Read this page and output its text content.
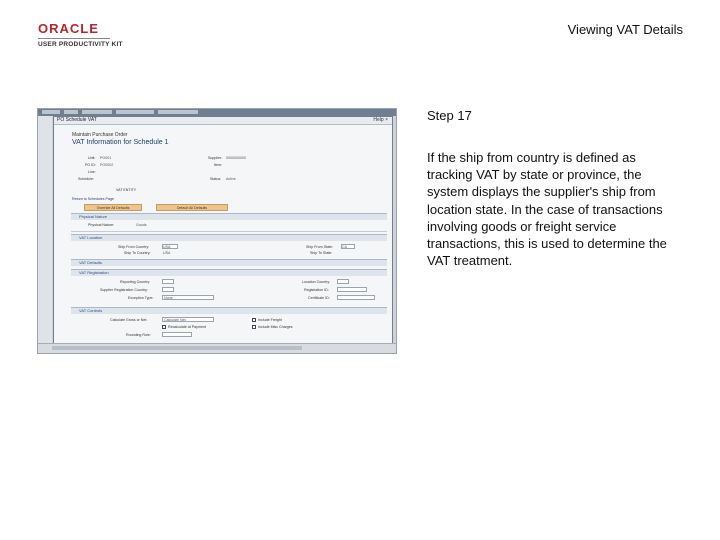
ORACLE
USER PRODUCTIVITY KIT
Viewing VAT Details
PO Schedule VAT	Help ×
Maintain Purchase Order
VAT Information for Schedule 1
Unit: PO001
PO ID: PO0002
Line:
Schedule:
Supplier: 0000000000
Item:
Status: Active
VAT ENTITY
Return to Schedules Page
Override All Defaults	Default All Defaults
Physical Nature
Physical Nature:	Goods
VAT Location
Ship From Country:	USA	Ship From State:	CA
Ship To Country:	USA	Ship To State:
VAT Defaults
VAT Registration
Reporting Country:	Location Country:
Supplier Registration Country:	Registration ID:
Exception Type:	None	Certificate ID:
VAT Controls
Calculate Gross or Net:	Calculate Net	Include Freight
Recalculate at Payment	Include Misc Charges
Rounding Rule:
Step 17
If the ship from country is defined as tracking VAT by state or province, the system displays the supplier's ship from location state. In the case of transactions involving goods or freight service transactions, this is used to determine the VAT treatment.
